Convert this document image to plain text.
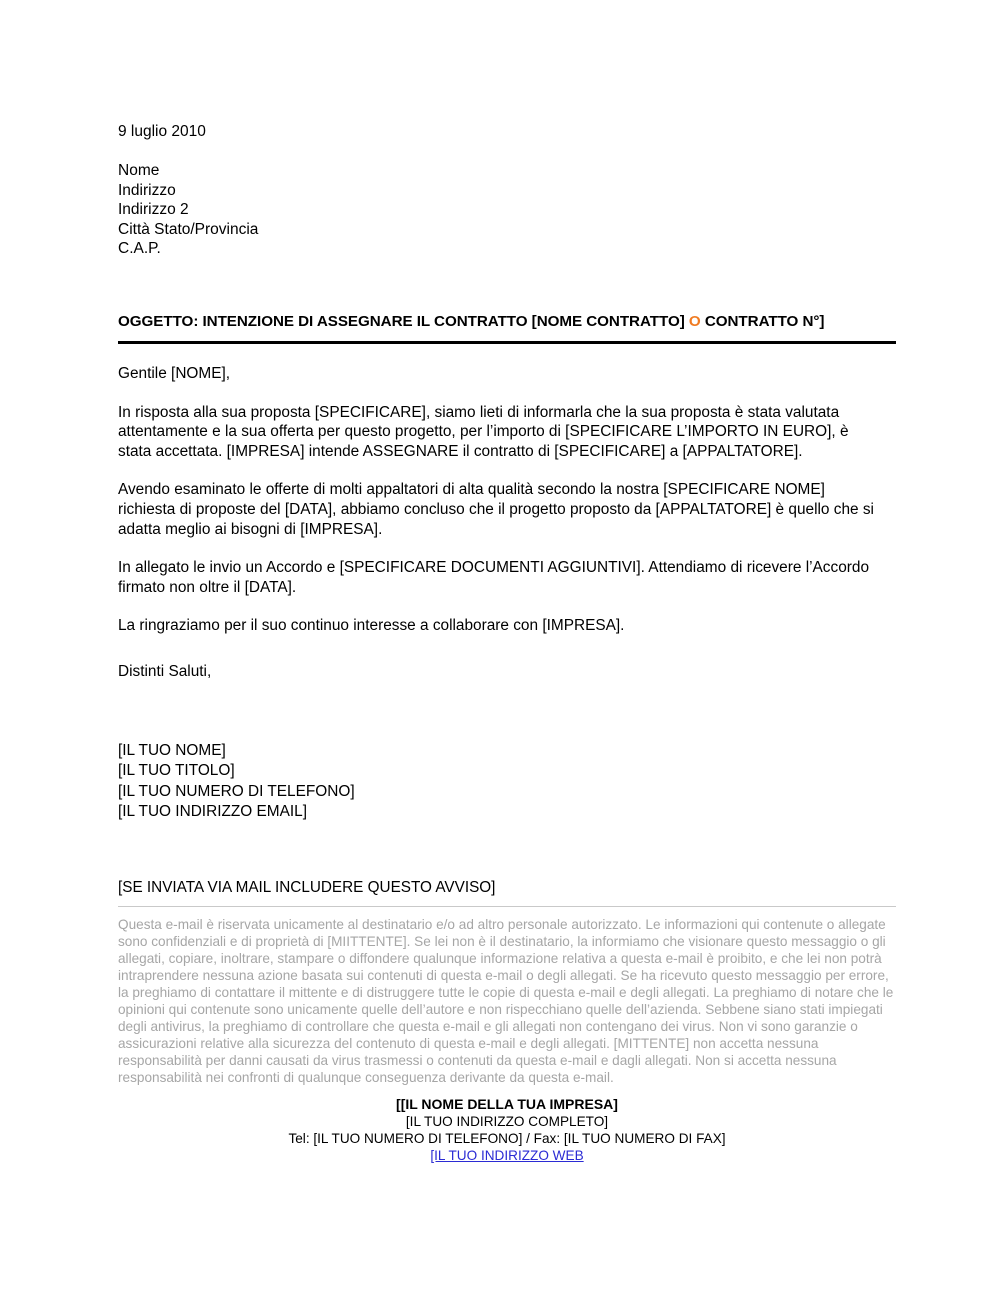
9 luglio 2010

Nome
Indirizzo
Indirizzo 2
Città Stato/Provincia
C.A.P.

OGGETTO: INTENZIONE DI ASSEGNARE IL CONTRATTO [NOME CONTRATTO] O CONTRATTO N°]

Gentile [NOME],

In risposta alla sua proposta [SPECIFICARE], siamo lieti di informarla che la sua proposta è stata valutata attentamente e la sua offerta per questo progetto, per l’importo di [SPECIFICARE L’IMPORTO IN EURO], è stata accettata. [IMPRESA] intende ASSEGNARE il contratto di [SPECIFICARE] a [APPALTATORE].

Avendo esaminato le offerte di molti appaltatori di alta qualità secondo la nostra [SPECIFICARE NOME] richiesta di proposte del [DATA], abbiamo concluso che il progetto proposto da [APPALTATORE] è quello che si adatta meglio ai bisogni di [IMPRESA].

In allegato le invio un Accordo e [SPECIFICARE DOCUMENTI AGGIUNTIVI]. Attendiamo di ricevere l’Accordo firmato non oltre il [DATA].

La ringraziamo per il suo continuo interesse a collaborare con [IMPRESA].

Distinti Saluti,
[IL TUO NOME]
[IL TUO TITOLO]
[IL TUO NUMERO DI TELEFONO]
[IL TUO INDIRIZZO EMAIL]

[SE INVIATA VIA MAIL INCLUDERE QUESTO AVVISO]

Questa e-mail è riservata unicamente al destinatario e/o ad altro personale autorizzato. Le informazioni qui contenute o allegate sono confidenziali e di proprietà di [MIITTENTE]. Se lei non è il destinatario, la informiamo che visionare questo messaggio o gli allegati, copiare, inoltrare, stampare o diffondere qualunque informazione relativa a questa e-mail è proibito, e che lei non potrà intraprendere nessuna azione basata sui contenuti di questa e-mail o degli allegati. Se ha ricevuto questo messaggio per errore, la preghiamo di contattare il mittente e di distruggere tutte le copie di questa e-mail e degli allegati. La preghiamo di notare che le opinioni qui contenute sono unicamente quelle dell’autore e non rispecchiano quelle dell’azienda. Sebbene siano stati impiegati degli antivirus, la preghiamo di controllare che questa e-mail e gli allegati non contengano dei virus. Non vi sono garanzie o assicurazioni relative alla sicurezza del contenuto di questa e-mail e degli allegati. [MITTENTE] non accetta nessuna responsabilità per danni causati da virus trasmessi o contenuti da questa e-mail e dagli allegati. Non si accetta nessuna responsabilità nei confronti di qualunque conseguenza derivante da questa e-mail.

[[IL NOME DELLA TUA IMPRESA]
[IL TUO INDIRIZZO COMPLETO]
Tel: [IL TUO NUMERO DI TELEFONO] / Fax: [IL TUO NUMERO DI FAX]
[IL TUO INDIRIZZO WEB
